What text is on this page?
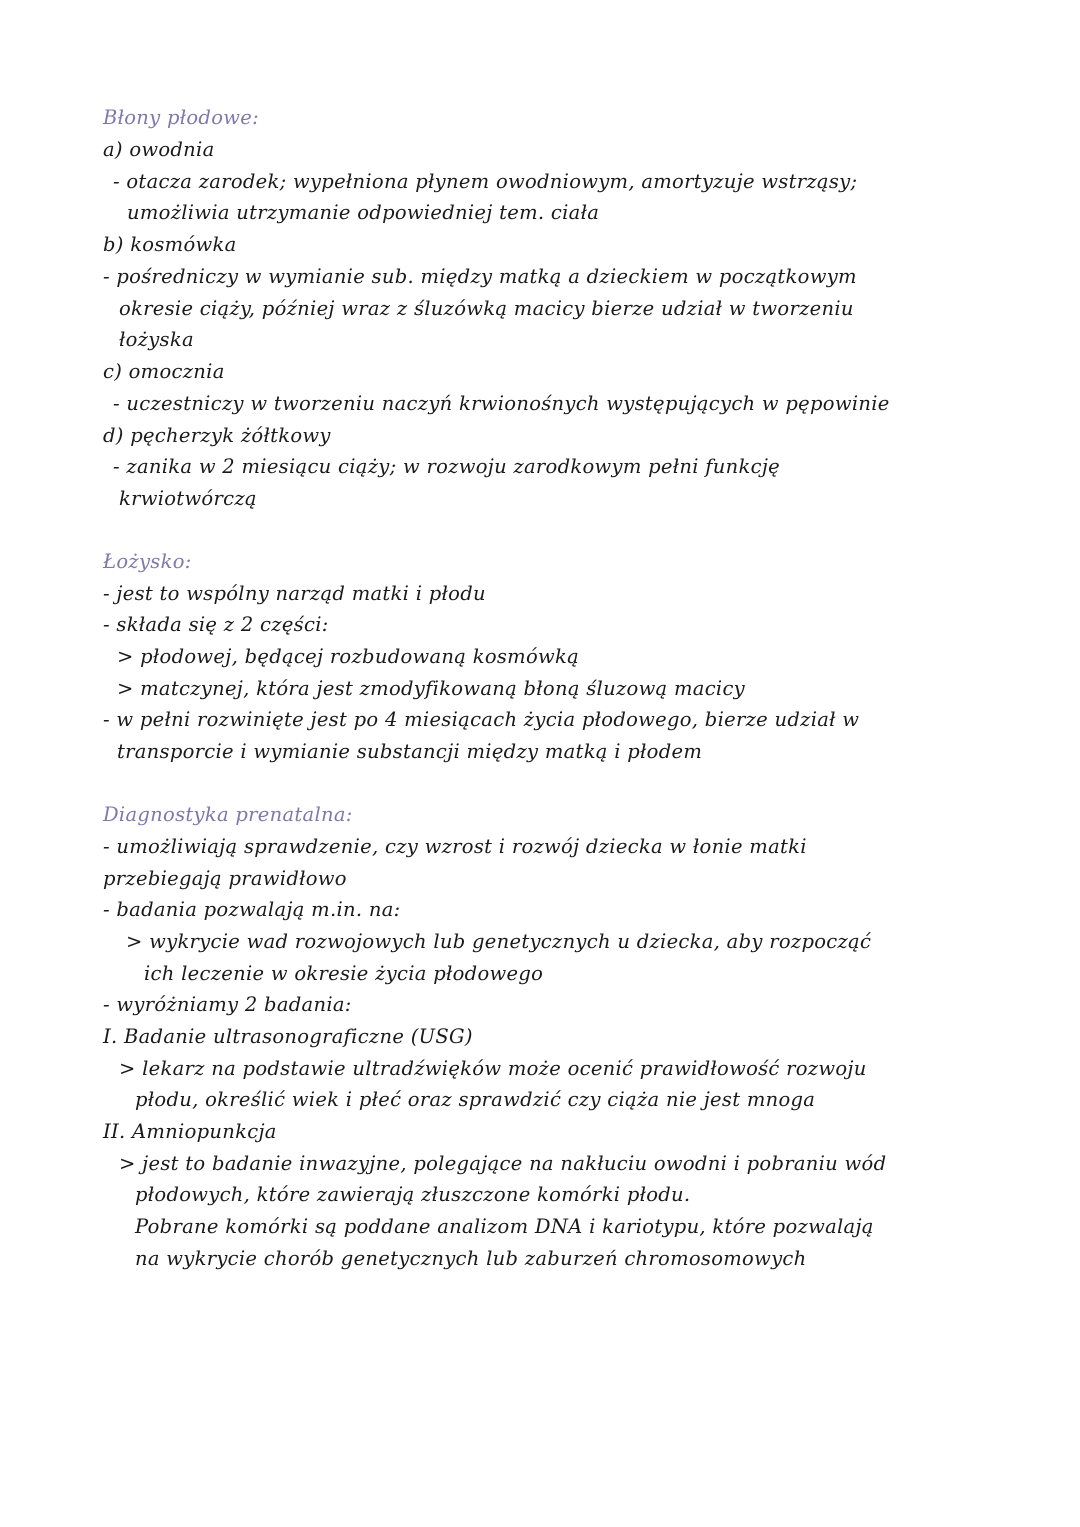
Błony płodowe:
a) owodnia
- otacza zarodek; wypełniona płynem owodniowym, amortyzuje wstrząsy;
umożliwia utrzymanie odpowiedniej tem. ciała
b) kosmówka
- pośredniczy w wymianie sub. między matką a dzieckiem w początkowym
okresie ciąży, później wraz z śluzówką macicy bierze udział w tworzeniu
łożyska
c) omocznia
- uczestniczy w tworzeniu naczyń krwionośnych występujących w pępowinie
d) pęcherzyk żółtkowy
- zanika w 2 miesiącu ciąży; w rozwoju zarodkowym pełni funkcję
krwiotwórczą
Łożysko:
- jest to wspólny narząd matki i płodu
- składa się z 2 części:
> płodowej, będącej rozbudowaną kosmówką
> matczynej, która jest zmodyfikowaną błoną śluzową macicy
- w pełni rozwinięte jest po 4 miesiącach życia płodowego, bierze udział w
transporcie i wymianie substancji między matką i płodem
Diagnostyka prenatalna:
- umożliwiają sprawdzenie, czy wzrost i rozwój dziecka w łonie matki
przebiegają prawidłowo
- badania pozwalają m.in. na:
> wykrycie wad rozwojowych lub genetycznych u dziecka, aby rozpocząć
ich leczenie w okresie życia płodowego
- wyróżniamy 2 badania:
I. Badanie ultrasonograficzne (USG)
> lekarz na podstawie ultradźwięków może ocenić prawidłowość rozwoju
płodu, określić wiek i płeć oraz sprawdzić czy ciąża nie jest mnoga
II. Amniopunkcja
> jest to badanie inwazyjne, polegające na nakłuciu owodni i pobraniu wód
płodowych, które zawierają złuszczone komórki płodu.
Pobrane komórki są poddane analizom DNA i kariotypu, które pozwalają
na wykrycie chorób genetycznych lub zaburzeń chromosomowych
